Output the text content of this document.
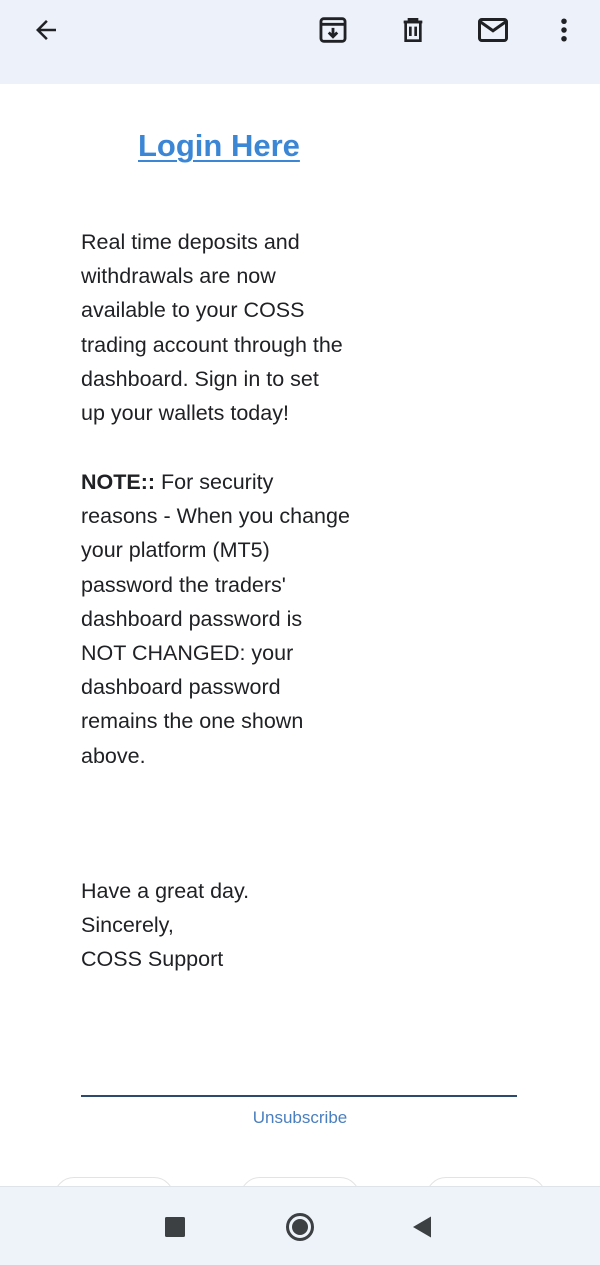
Login Here

Real time deposits and

withdrawals are now

available to your COSS

trading account through the

dashboard. Sign in to set

up your wallets today!

NOTE:: For security

reasons - When you change

your platform (MT5)

password the traders'

dashboard password is

NOT CHANGED: your

dashboard password

remains the one shown

above.

Have a great day.

Sincerely,

COSS Support

Unsubscribe
